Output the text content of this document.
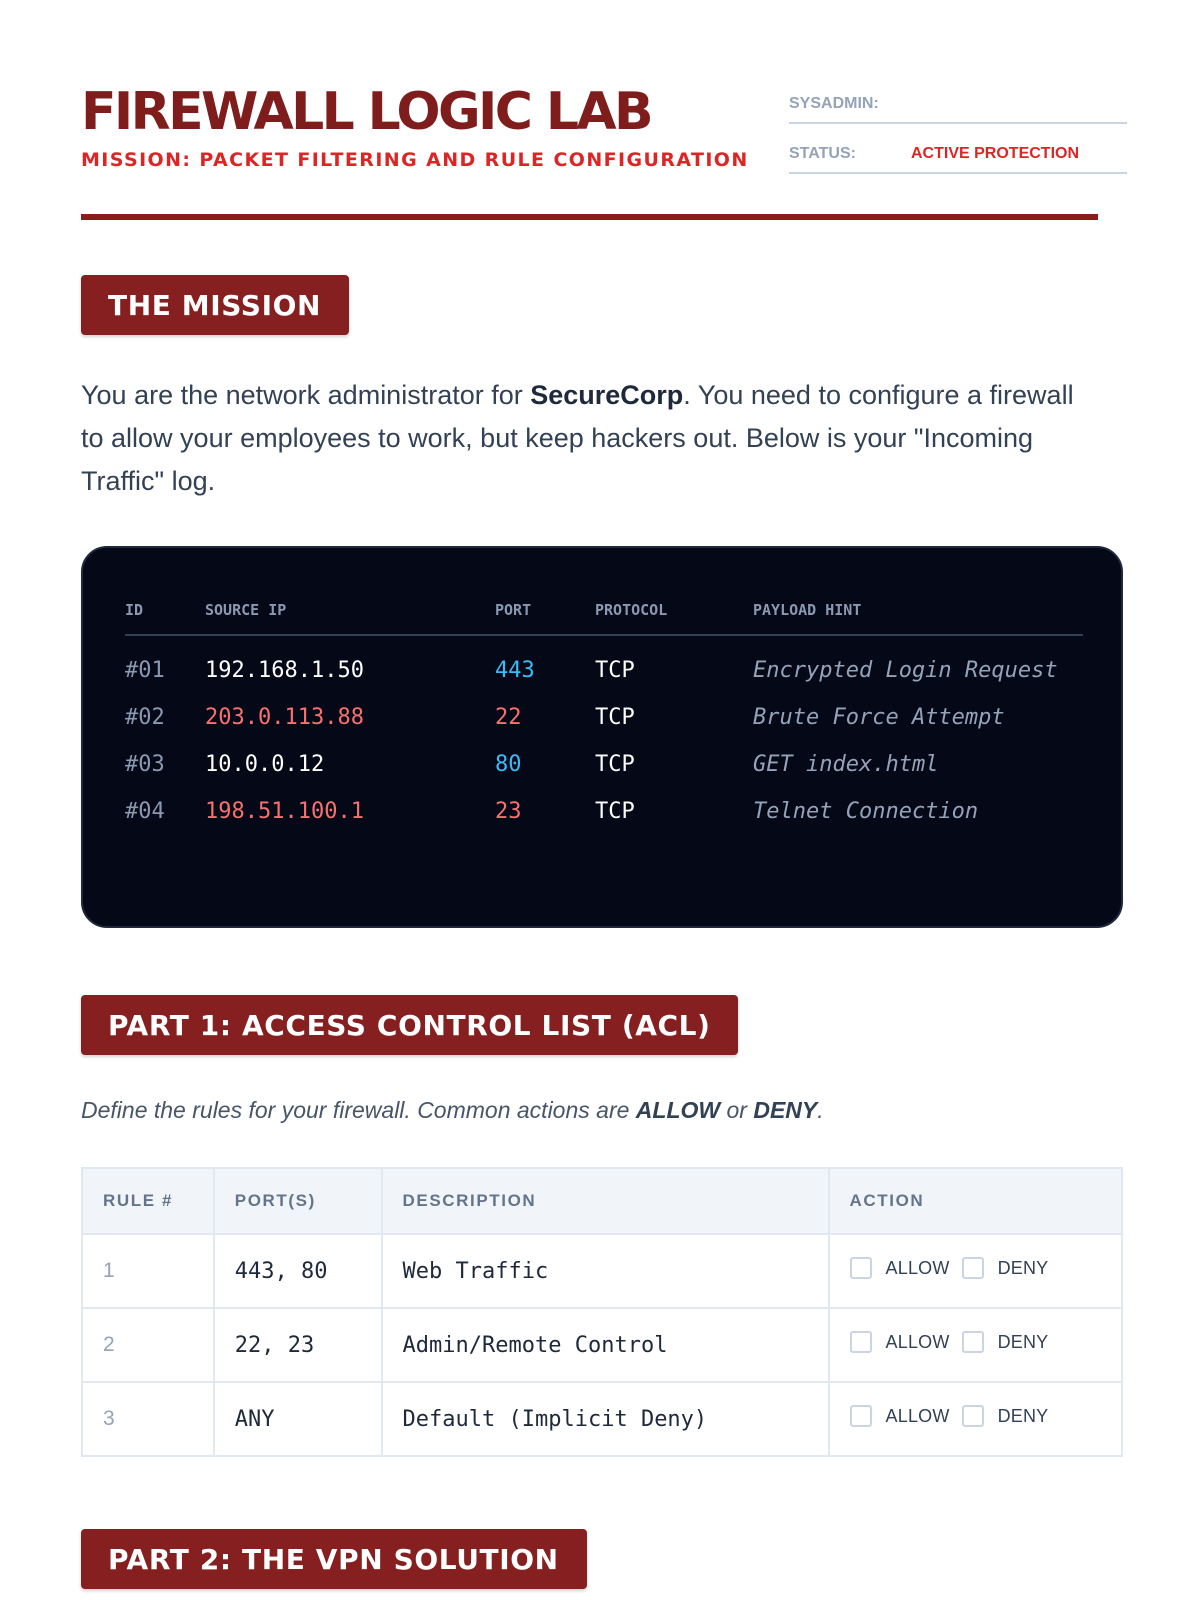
FIREWALL LOGIC LAB

MISSION: PACKET FILTERING AND RULE CONFIGURATION

SYSADMIN:
STATUS:	ACTIVE PROTECTION
THE MISSION

You are the network administrator for SecureCorp. You need to configure a firewall to allow your employees to work, but keep hackers out. Below is your "Incoming Traffic" log.

ID	SOURCE IP	PORT	PROTOCOL	PAYLOAD HINT
#01	192.168.1.50	443	TCP	Encrypted Login Request
#02	203.0.113.88	22	TCP	Brute Force Attempt
#03	10.0.0.12	80	TCP	GET index.html
#04	198.51.100.1	23	TCP	Telnet Connection
PART 1: ACCESS CONTROL LIST (ACL)

Define the rules for your firewall. Common actions are ALLOW or DENY.

RULE #	PORT(S)	DESCRIPTION	ACTION
1	443, 80	Web Traffic	ALLOW DENY

2	22, 23	Admin/Remote Control	ALLOW DENY

3	ANY	Default (Implicit Deny)	ALLOW DENY
PART 2: THE VPN SOLUTION
